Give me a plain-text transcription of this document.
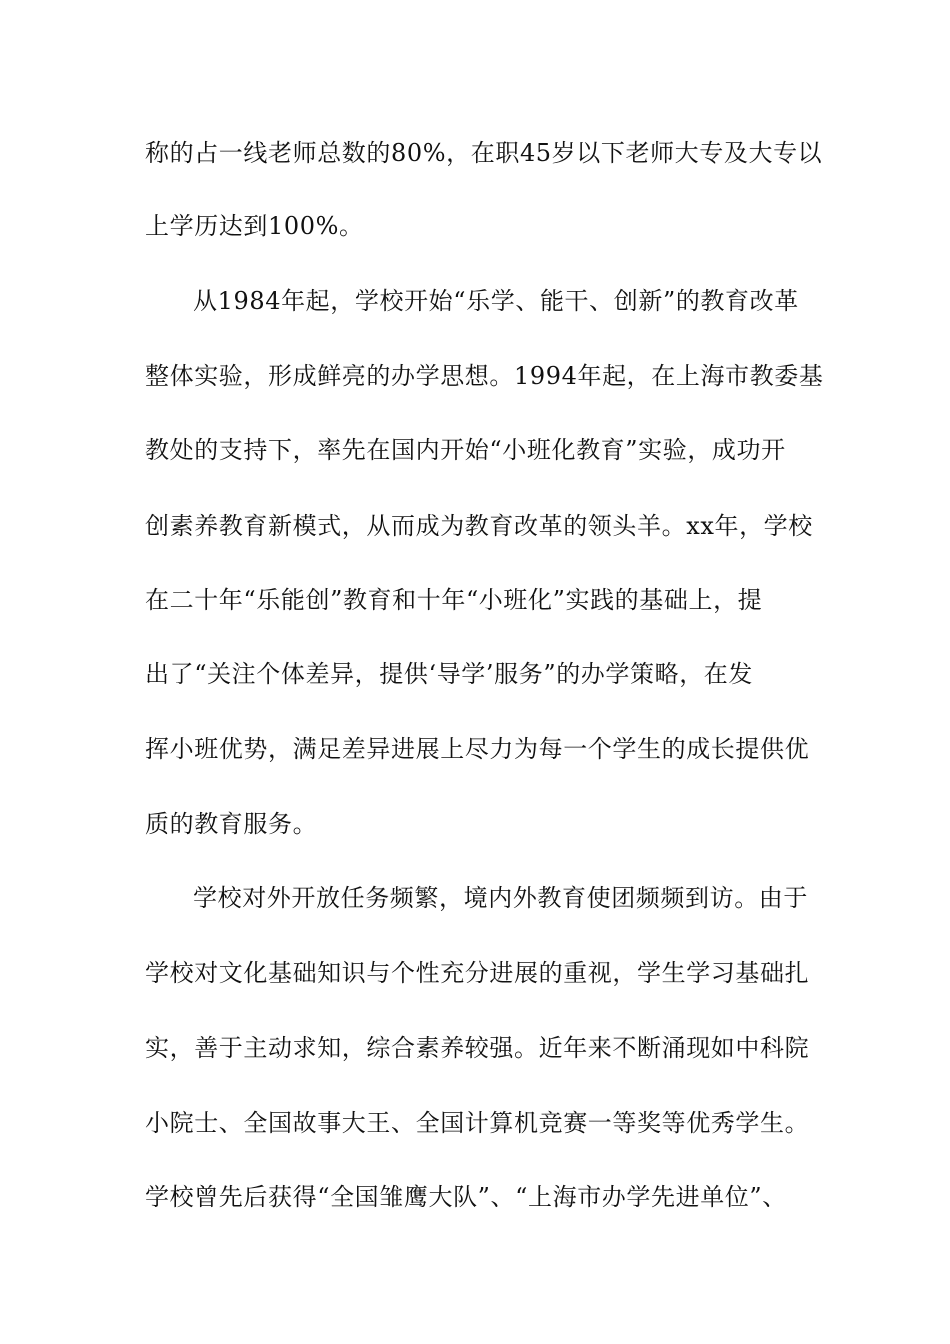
称的占一线老师总数的80%，在职45岁以下老师大专及大专以
上学历达到100%。
从1984年起，学校开始“乐学、能干、创新”的教育改革
整体实验，形成鲜亮的办学思想。1994年起，在上海市教委基
教处的支持下，率先在国内开始“小班化教育”实验，成功开
创素养教育新模式，从而成为教育改革的领头羊。xx年，学校
在二十年“乐能创”教育和十年“小班化”实践的基础上，提
出了“关注个体差异，提供‘导学’服务”的办学策略，在发
挥小班优势，满足差异进展上尽力为每一个学生的成长提供优
质的教育服务。
学校对外开放任务频繁，境内外教育使团频频到访。由于
学校对文化基础知识与个性充分进展的重视，学生学习基础扎
实，善于主动求知，综合素养较强。近年来不断涌现如中科院
小院士、全国故事大王、全国计算机竞赛一等奖等优秀学生。
学校曾先后获得“全国雏鹰大队”、“上海市办学先进单位”、
